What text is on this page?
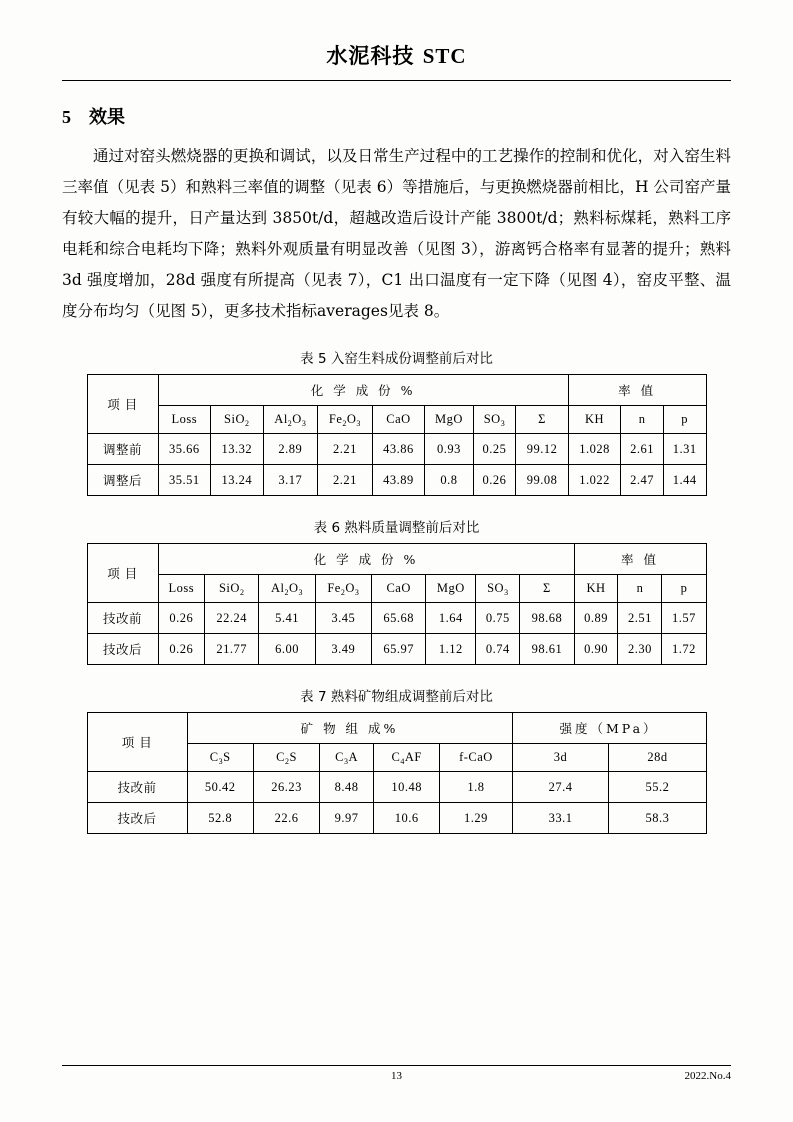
水泥科技 STC
5 效果
通过对窑头燃烧器的更换和调试，以及日常生产过程中的工艺操作的控制和优化，对入窑生料三率值（见表 5）和熟料三率值的调整（见表 6）等措施后，与更换燃烧器前相比，H 公司窑产量有较大幅的提升，日产量达到 3850t/d，超越改造后设计产能 3800t/d；熟料标煤耗，熟料工序电耗和综合电耗均下降；熟料外观质量有明显改善（见图 3），游离钙合格率有显著的提升；熟料 3d 强度增加，28d 强度有所提高（见表 7），C1 出口温度有一定下降（见图 4），窑皮平整、温度分布均匀（见图 5），更多技术指标averages见表 8。
表 5 入窑生料成份调整前后对比
项 目	化 学 成 份 %								率 值		
	Loss	SiO$_2$	$Al_2O_3$	$Fe_2O_3$	CaO	MgO	$SO_3$	Σ	KH	n	p
调整前	35.66	13.32	2.89	2.21	43.86	0.93	0.25	99.12	1.028	2.61	1.31
调整后	35.51	13.24	3.17	2.21	43.89	0.8	0.26	99.08	1.022	2.47	1.44
表 6 熟料质量调整前后对比
项 目	化 学 成 份 %								率 值		
	Loss	SiO$_2$	$Al_2O_3$	$Fe_2O_3$	CaO	MgO	$SO_3$	Σ	KH	n	p
技改前	0.26	22.24	5.41	3.45	65.68	1.64	0.75	98.68	0.89	2.51	1.57
技改后	0.26	21.77	6.00	3.49	65.97	1.12	0.74	98.61	0.90	2.30	1.72
表 7 熟料矿物组成调整前后对比
项 目	矿 物 组 成%					强度（MPa）	
	$C_3S$	$C_2S$	$C_3A$	$C_4AF$	f-CaO	3d	28d
技改前	50.42	26.23	8.48	10.48	1.8	27.4	55.2
技改后	52.8	22.6	9.97	10.6	1.29	33.1	58.3
13	2022.No.4
